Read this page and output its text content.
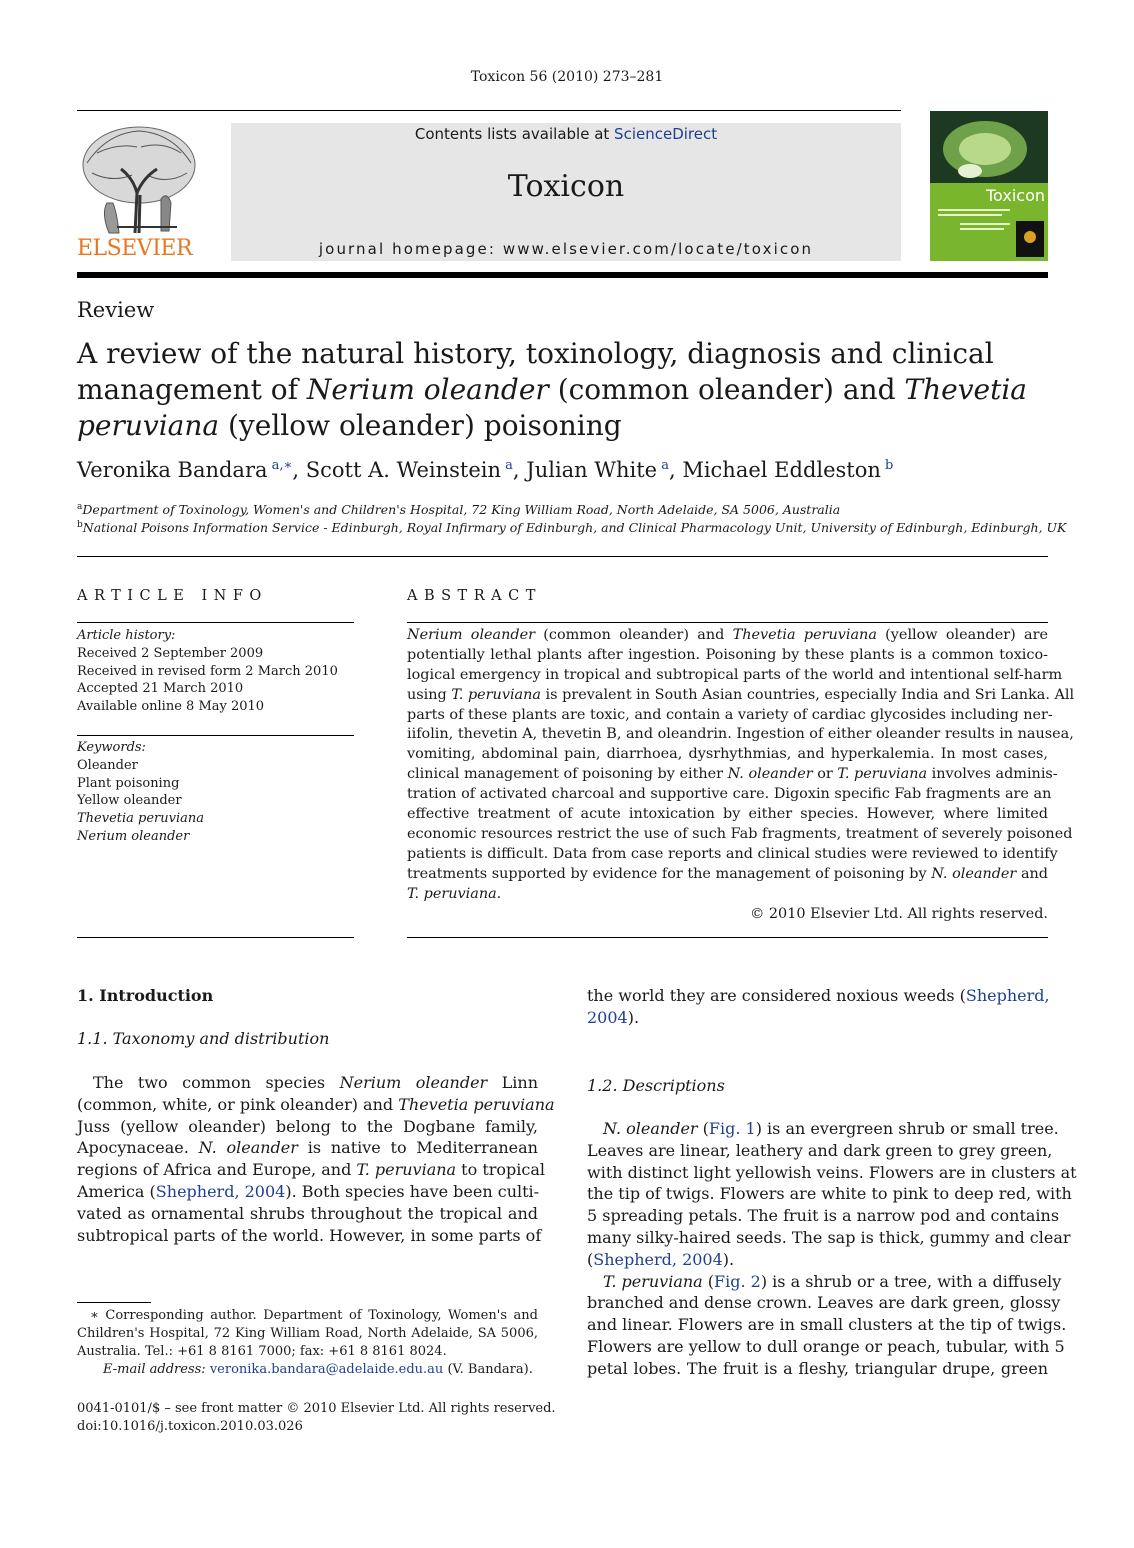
Toxicon 56 (2010) 273–281
ELSEVIER
Contents lists available at ScienceDirect
Toxicon
journal homepage: www.elsevier.com/locate/toxicon
Toxicon
Review
A review of the natural history, toxinology, diagnosis and clinical
management of Nerium oleander (common oleander) and Thevetia
peruviana (yellow oleander) poisoning
Veronika Bandara $^{a,∗}$, Scott A. Weinstein $^a$, Julian White $^a$, Michael Eddleston $^b$
$^a$Department of Toxinology, Women's and Children's Hospital, 72 King William Road, North Adelaide, SA 5006, Australia
$^b$National Poisons Information Service - Edinburgh, Royal Infirmary of Edinburgh, and Clinical Pharmacology Unit, University of Edinburgh, Edinburgh, UK
ARTICLE INFO
Article history:
Received 2 September 2009
Received in revised form 2 March 2010
Accepted 21 March 2010
Available online 8 May 2010
Keywords:
Oleander
Plant poisoning
Yellow oleander
Thevetia peruviana
Nerium oleander
ABSTRACT
Nerium oleander (common oleander) and Thevetia peruviana (yellow oleander) are
potentially lethal plants after ingestion. Poisoning by these plants is a common toxico-
logical emergency in tropical and subtropical parts of the world and intentional self-harm
using T. peruviana is prevalent in South Asian countries, especially India and Sri Lanka. All
parts of these plants are toxic, and contain a variety of cardiac glycosides including ner-
iifolin, thevetin A, thevetin B, and oleandrin. Ingestion of either oleander results in nausea,
vomiting, abdominal pain, diarrhoea, dysrhythmias, and hyperkalemia. In most cases,
clinical management of poisoning by either N. oleander or T. peruviana involves adminis-
tration of activated charcoal and supportive care. Digoxin specific Fab fragments are an
effective treatment of acute intoxication by either species. However, where limited
economic resources restrict the use of such Fab fragments, treatment of severely poisoned
patients is difficult. Data from case reports and clinical studies were reviewed to identify
treatments supported by evidence for the management of poisoning by N. oleander and
T. peruviana.
© 2010 Elsevier Ltd. All rights reserved.
1. Introduction
1.1. Taxonomy and distribution
 The two common species Nerium oleander Linn
(common, white, or pink oleander) and Thevetia peruviana
Juss (yellow oleander) belong to the Dogbane family,
Apocynaceae. N. oleander is native to Mediterranean
regions of Africa and Europe, and T. peruviana to tropical
America (Shepherd, 2004). Both species have been culti-
vated as ornamental shrubs throughout the tropical and
subtropical parts of the world. However, in some parts of
 ∗ Corresponding author. Department of Toxinology, Women's and
Children's Hospital, 72 King William Road, North Adelaide, SA 5006,
Australia. Tel.: +61 8 8161 7000; fax: +61 8 8161 8024.
E-mail address: veronika.bandara@adelaide.edu.au (V. Bandara).
0041-0101/$ – see front matter © 2010 Elsevier Ltd. All rights reserved.
doi:10.1016/j.toxicon.2010.03.026
the world they are considered noxious weeds (Shepherd,
2004).
1.2. Descriptions
 N. oleander (Fig. 1) is an evergreen shrub or small tree.
Leaves are linear, leathery and dark green to grey green,
with distinct light yellowish veins. Flowers are in clusters at
the tip of twigs. Flowers are white to pink to deep red, with
5 spreading petals. The fruit is a narrow pod and contains
many silky-haired seeds. The sap is thick, gummy and clear
(Shepherd, 2004).
 T. peruviana (Fig. 2) is a shrub or a tree, with a diffusely
branched and dense crown. Leaves are dark green, glossy
and linear. Flowers are in small clusters at the tip of twigs.
Flowers are yellow to dull orange or peach, tubular, with 5
petal lobes. The fruit is a fleshy, triangular drupe, green
